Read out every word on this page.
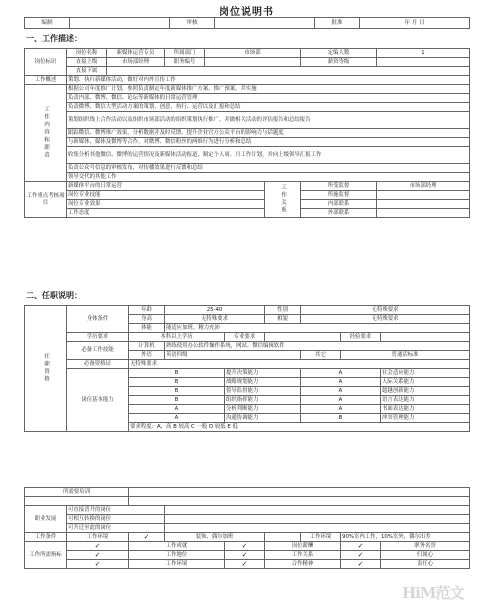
岗位说明书
编制		审核		批准	年 月 日
一、工作描述：
岗位标识	岗位名称	新媒体运营专员	所属部门	市场部		定编人数	1
	直接上级	市场部经理	职务编号			薪资等级	
	直接下属						
工作概述	策划、执行新媒体活动，做好对内外宣传工作						
工作内容和职责	根据公司年度推广计划，参照负责制定年度新媒体推广方案、推广预案，并实施						
	负责内部、微博、微信、论坛等新媒体的日常运营管理						
	负责微博、微信大型活动方案的策划、创意、执行、运营以及汇报和总结						
	策划组织线上合作活动以及组织市场部活动的组织策划执行推广，并做相关活动的评估报告和总结报告						
	跟踪微信、微博推广效果，分析数据并及时反馈，提升企业官方公众平台的影响力与话题度						
	与新媒体、媒体及微博等合作，对微博、微信粉丝的两维行为进行分析和总结						
	收集分析其他微信、微博的运营情况及新媒体活动报道，制定个人周、月工作计划，并向上级领导汇报工作						
	负责公众号信息的审核发布，对传播效果进行反馈和总结						
	领导交代的其他工作						
工作重点考核项目	新媒体平台的日常运营				工作关系	所受监督	市场部经理
	岗位专业技能					所施监督	
	岗位专业效果					内部联系	
	工作态度					外部联系	
二、任职说明：
任职资格	身体条件	年龄	25-40		性别	无特殊要求		
		身高	无特殊要求		相貌	无特殊要求		
		体能	能适应加班，精力充沛					
	学历要求	本科以上学历		专业要求			经验要求	
	必备工作技能	计算机	熟练使用办公软件操作系统，网站、微信编辑软件					
		外语	英语四级			其它	普通话标准	
	必备资格证	无特殊要求						
	岗位基本能力	B		提升决策能力		A		社会适应能力
		B		战略规划能力		A		人际关系能力
		B		督导监督能力		A		超越创新能力
		B		组织指挥能力		A		语言表达能力
		A		分析判断能力		A		书面表达能力
		A		沟通协调能力		B		冲突管理能力
		要求程度：A、高 B 较高 C 一般 D 较低 E 低						
所需要培训								

职业发展	可直接晋升的岗位							
	可相互转换的岗位							
	可升迁至此的岗位							
工作条件	工作环境	✓	装饰、偶尔加班			工作环境	90%室内工作，10%室外，偶尔出差	
工作所需指标	✓	工作成就		✓	岗位薪酬		✓	职务名誉
	✓	工作地位		✓	工作关系		✓	归属心
	✓	工作环境		✓	合作精神		✓	责任心
HiM范文
